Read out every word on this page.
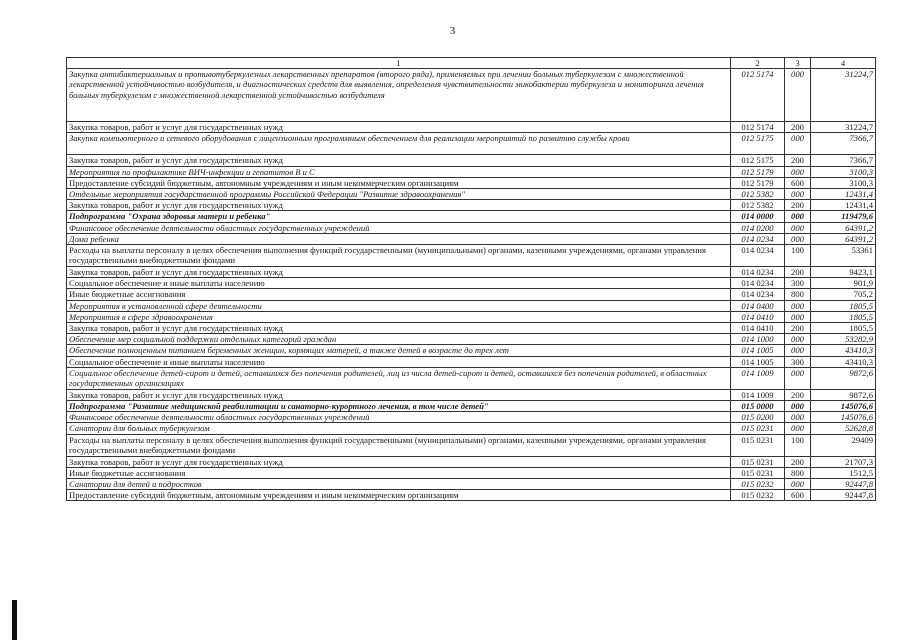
3
1	2	3	4
Закупка антибактериальных и противотуберкулезных лекарственных препаратов (второго ряда), применяемых при лечении больных туберкулезом с множественной лекарственной устойчивостью возбудителя, и диагностических средств для выявления, определения чувствительности микобактерии туберкулеза и мониторинга лечения больных туберкулезом с множественной лекарственной устойчивостью возбудителя	012 5174	000	31224,7
Закупка товаров, работ и услуг для государственных нужд	012 5174	200	31224,7
Закупка компьютерного и сетевого оборудования с лицензионным программным обеспечением для реализации мероприятий по развитию службы крови	012 5175	000	7366,7
Закупка товаров, работ и услуг для государственных нужд	012 5175	200	7366,7
Мероприятия по профилактике ВИЧ-инфекции и гепатитов В и С	012 5179	000	3100,3
Предоставление субсидий бюджетным, автономным учреждениям и иным некоммерческим организациям	012 5179	600	3100,3
Отдельные мероприятия государственной программы Российской Федерации "Развитие здравоохранения"	012 5382	000	12431,4
Закупка товаров, работ и услуг для государственных нужд	012 5382	200	12431,4
Подпрограмма "Охрана здоровья матери и ребенка"	014 0000	000	119479,6
Финансовое обеспечение деятельности областных государственных учреждений	014 0200	000	64391,2
Дома ребенка	014 0234	000	64391,2
Расходы на выплаты персоналу в целях обеспечения выполнения функций государственными (муниципальными) органами, казенными учреждениями, органами управления государственными внебюджетными фондами	014 0234	100	53361
Закупка товаров, работ и услуг для государственных нужд	014 0234	200	9423,1
Социальное обеспечение и иные выплаты населению	014 0234	300	901,9
Иные бюджетные ассигнования	014 0234	800	705,2
Мероприятия в установленной сфере деятельности	014 0400	000	1805,5
Мероприятия в сфере здравоохранения	014 0410	000	1805,5
Закупка товаров, работ и услуг для государственных нужд	014 0410	200	1805,5
Обеспечение мер социальной поддержки отдельных категорий граждан	014 1000	000	53282,9
Обеспечение полноценным питанием беременных женщин, кормящих матерей, а также детей в возрасте до трех лет	014 1005	000	43410,3
Социальное обеспечение и иные выплаты населению	014 1005	300	43410,3
Социальное обеспечение детей-сирот и детей, оставшихся без попечения родителей, лиц из числа детей-сирот и детей, оставшихся без попечения родителей, в областных государственных организациях	014 1009	000	9872,6
Закупка товаров, работ и услуг для государственных нужд	014 1009	200	9872,6
Подпрограмма "Развитие медицинской реабилитации и санаторно-курортного лечения, в том числе детей"	015 0000	000	145076,6
Финансовое обеспечение деятельности областных государственных учреждений	015 0200	000	145076,6
Санатории для больных туберкулезом	015 0231	000	52628,8
Расходы на выплаты персоналу в целях обеспечения выполнения функций государственными (муниципальными) органами, казенными учреждениями, органами управления государственными внебюджетными фондами	015 0231	100	29409
Закупка товаров, работ и услуг для государственных нужд	015 0231	200	21707,3
Иные бюджетные ассигнования	015 0231	800	1512,5
Санатории для детей и подростков	015 0232	000	92447,8
Предоставление субсидий бюджетным, автономным учреждениям и иным некоммерческим организациям	015 0232	600	92447,8
